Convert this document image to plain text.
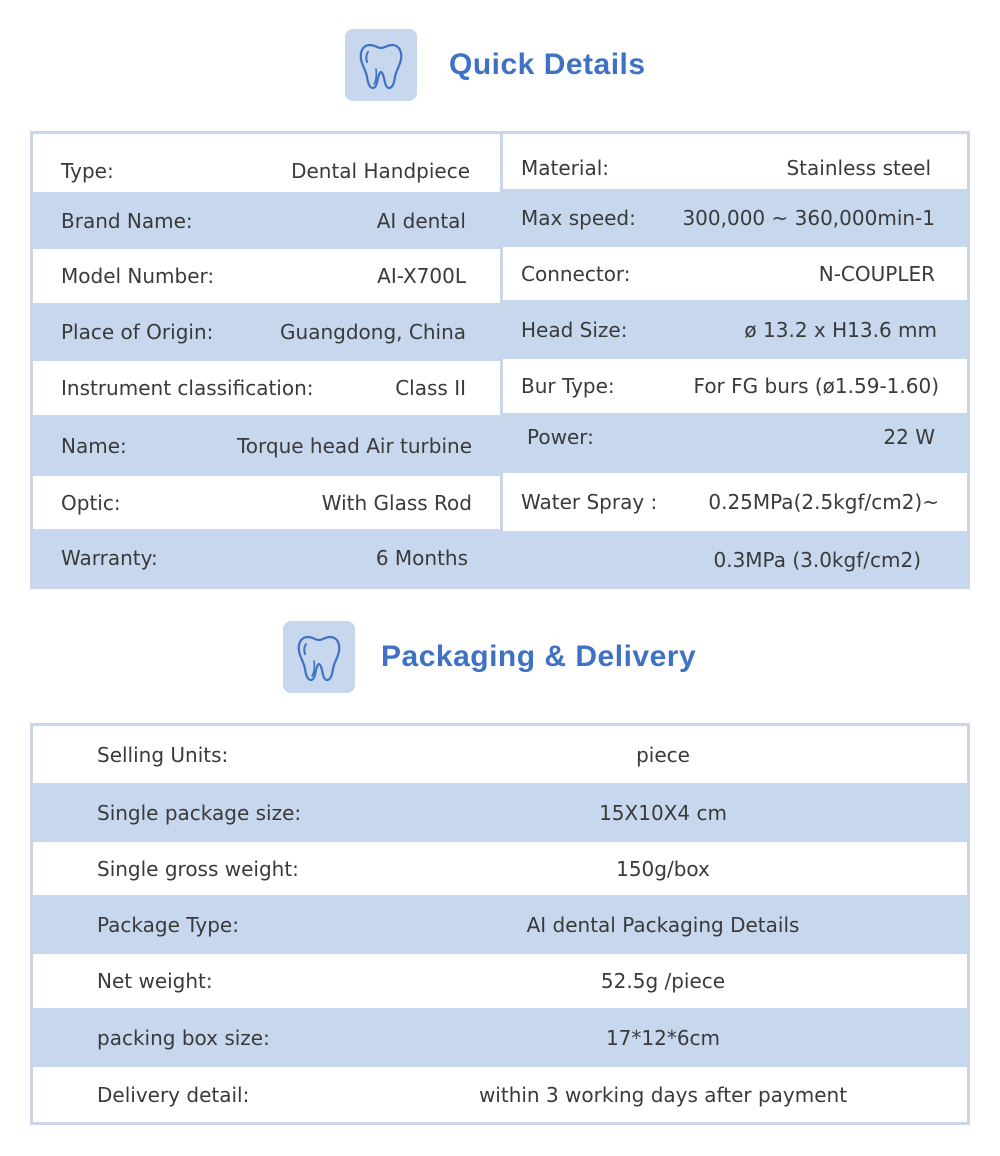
Quick Details
Type:	Dental Handpiece
Brand Name:	AI dental
Model Number:	AI-X700L
Place of Origin:	Guangdong, China
Instrument classification:	Class II
Name:	Torque head Air turbine
Optic:	With Glass Rod
Warranty:	6 Months
Material:	Stainless steel
Max speed: 300,000 ~ 360,000min-1
Connector:	N-COUPLER
Head Size:	ø 13.2 x H13.6 mm
Bur Type:	For FG burs (ø1.59-1.60)
Power:	22 W
Water Spray :	0.25MPa(2.5kgf/cm2)~
0.3MPa (3.0kgf/cm2)
Packaging & Delivery
Selling Units:	piece
Single package size:	15X10X4 cm
Single gross weight:	150g/box
Package Type:	AI dental Packaging Details
Net weight:	52.5g /piece
packing box size:	17*12*6cm
Delivery detail:	within 3 working days after payment
